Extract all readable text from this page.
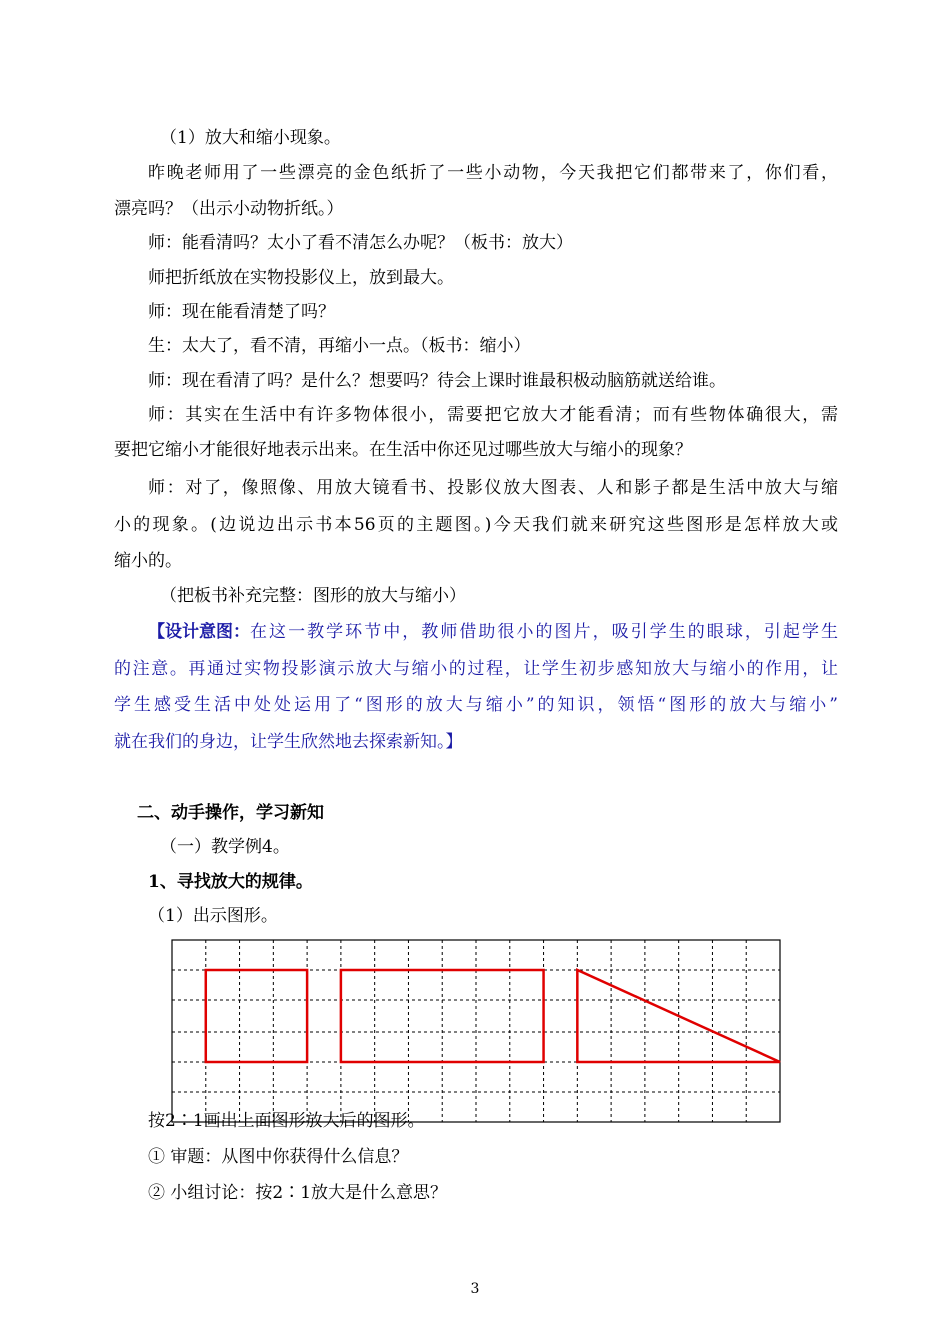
（1）放大和缩小现象。
昨晚老师用了一些漂亮的金色纸折了一些小动物，今天我把它们都带来了，你们看，
漂亮吗？（出示小动物折纸。）
师：能看清吗？太小了看不清怎么办呢？（板书：放大）
师把折纸放在实物投影仪上，放到最大。
师：现在能看清楚了吗？
生：太大了，看不清，再缩小一点。（板书：缩小）
师：现在看清了吗？是什么？想要吗？待会上课时谁最积极动脑筋就送给谁。
师：其实在生活中有许多物体很小，需要把它放大才能看清；而有些物体确很大，需
要把它缩小才能很好地表示出来。在生活中你还见过哪些放大与缩小的现象？
师：对了，像照像、用放大镜看书、投影仪放大图表、人和影子都是生活中放大与缩
小的现象。(边说边出示书本56页的主题图。)今天我们就来研究这些图形是怎样放大或
缩小的。
（把板书补充完整：图形的放大与缩小）
【设计意图： 在这一教学环节中，教师借助很小的图片，吸引学生的眼球，引起学生
的注意。再通过实物投影演示放大与缩小的过程，让学生初步感知放大与缩小的作用，让
学生感受生活中处处运用了“图形的放大与缩小”的知识，领悟“图形的放大与缩小”
就在我们的身边，让学生欣然地去探索新知。】
二、动手操作，学习新知
（一）教学例4。
1、寻找放大的规律。
（1）出示图形。
按2∶1画出上面图形放大后的图形。
① 审题：从图中你获得什么信息？
② 小组讨论：按2∶1放大是什么意思？
3
